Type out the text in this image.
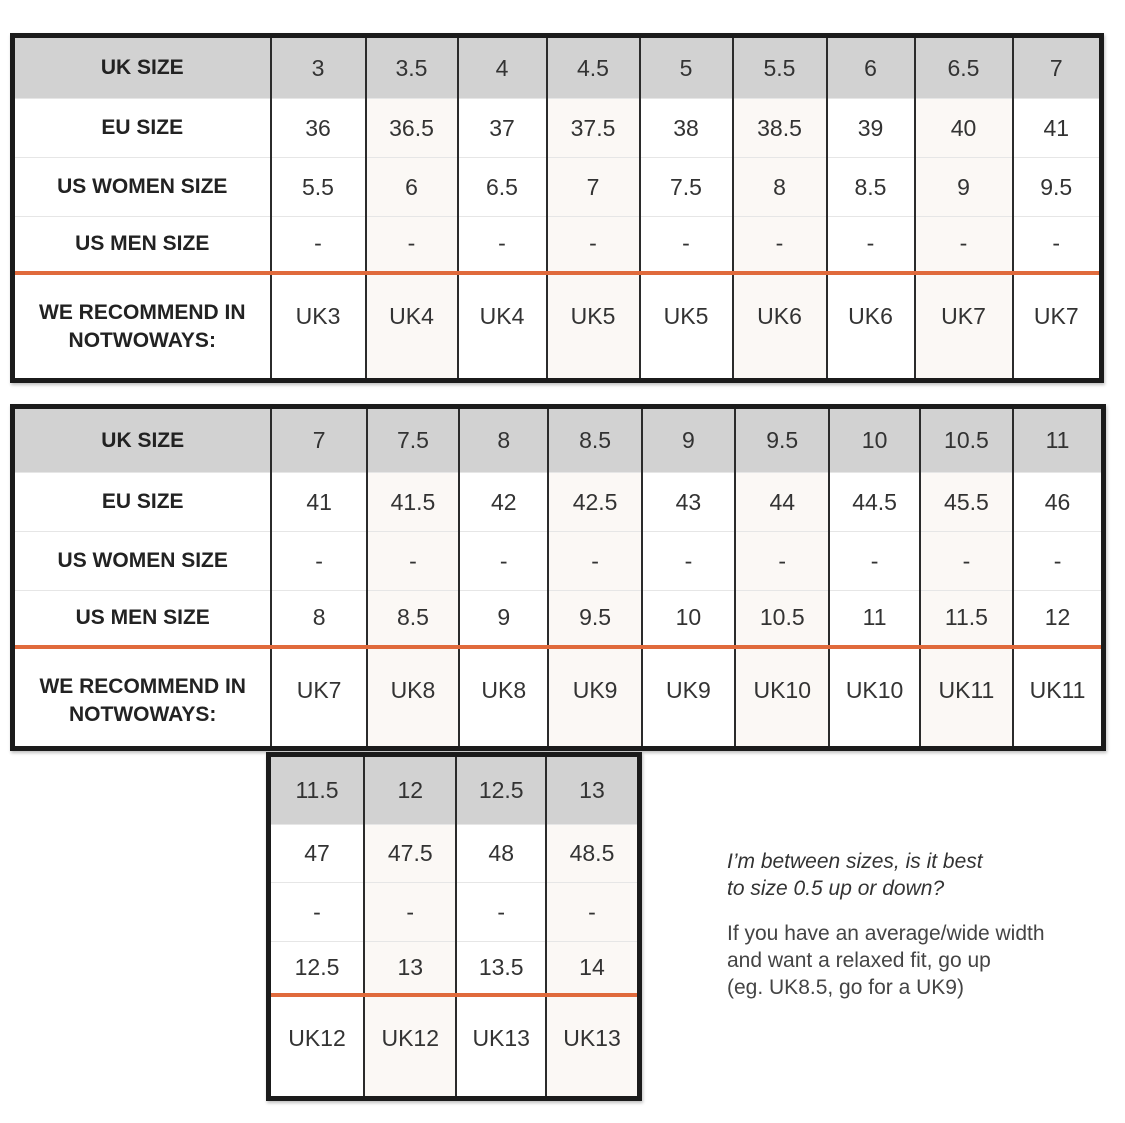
UK SIZE	3	3.5	4	4.5	5	5.5	6	6.5	7
EU SIZE	36	36.5	37	37.5	38	38.5	39	40	41
US WOMEN SIZE	5.5	6	6.5	7	7.5	8	8.5	9	9.5
US MEN SIZE	-	-	-	-	-	-	-	-	-
WE RECOMMEND IN NOTWOWAYS:	UK3	UK4	UK4	UK5	UK5	UK6	UK6	UK7	UK7
UK SIZE	7	7.5	8	8.5	9	9.5	10	10.5	11
EU SIZE	41	41.5	42	42.5	43	44	44.5	45.5	46
US WOMEN SIZE	-	-	-	-	-	-	-	-	-
US MEN SIZE	8	8.5	9	9.5	10	10.5	11	11.5	12
WE RECOMMEND IN NOTWOWAYS:	UK7	UK8	UK8	UK9	UK9	UK10	UK10	UK11	UK11
11.5	12	12.5	13
47	47.5	48	48.5
-	-	-	-
12.5	13	13.5	14
UK12	UK12	UK13	UK13

I’m between sizes, is it best
to size 0.5 up or down?

If you have an average/wide width
and want a relaxed fit, go up
(eg. UK8.5, go for a UK9)
